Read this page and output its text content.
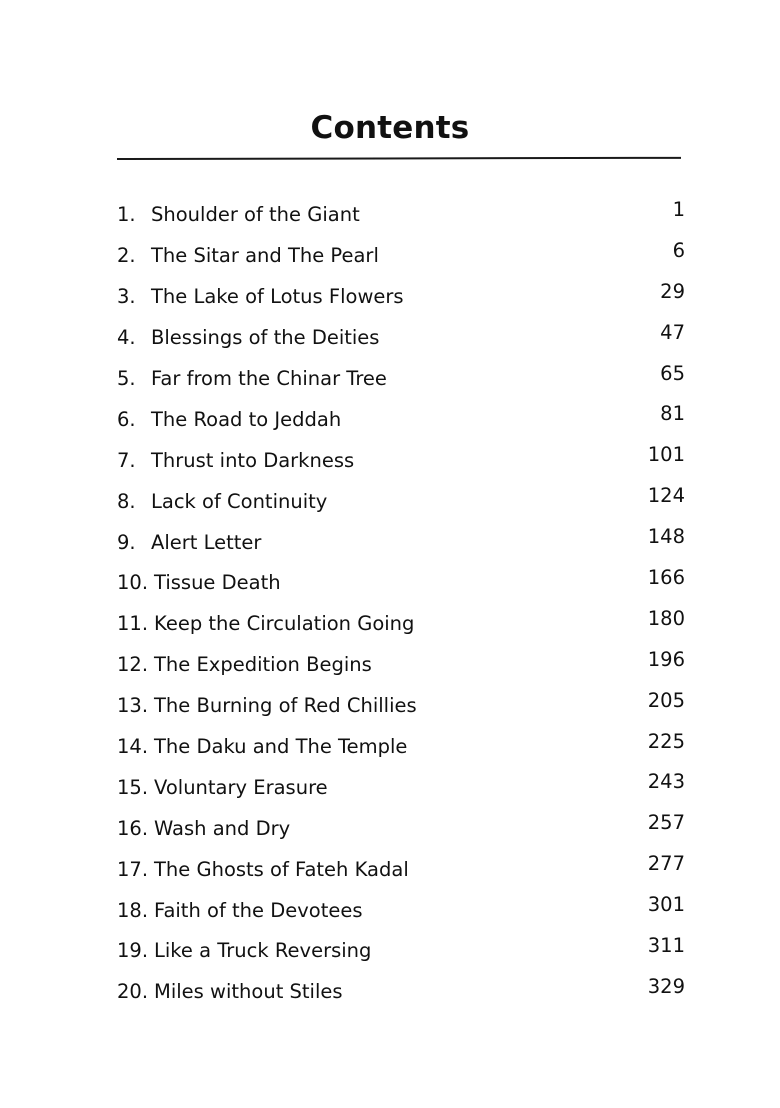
Contents
1. Shoulder of the Giant	1
2. The Sitar and The Pearl	6
3. The Lake of Lotus Flowers	29
4. Blessings of the Deities	47
5. Far from the Chinar Tree	65
6. The Road to Jeddah	81
7. Thrust into Darkness	101
8. Lack of Continuity	124
9. Alert Letter	148
10. Tissue Death	166
11. Keep the Circulation Going	180
12. The Expedition Begins	196
13. The Burning of Red Chillies	205
14. The Daku and The Temple	225
15. Voluntary Erasure	243
16. Wash and Dry	257
17. The Ghosts of Fateh Kadal	277
18. Faith of the Devotees	301
19. Like a Truck Reversing	311
20. Miles without Stiles	329
